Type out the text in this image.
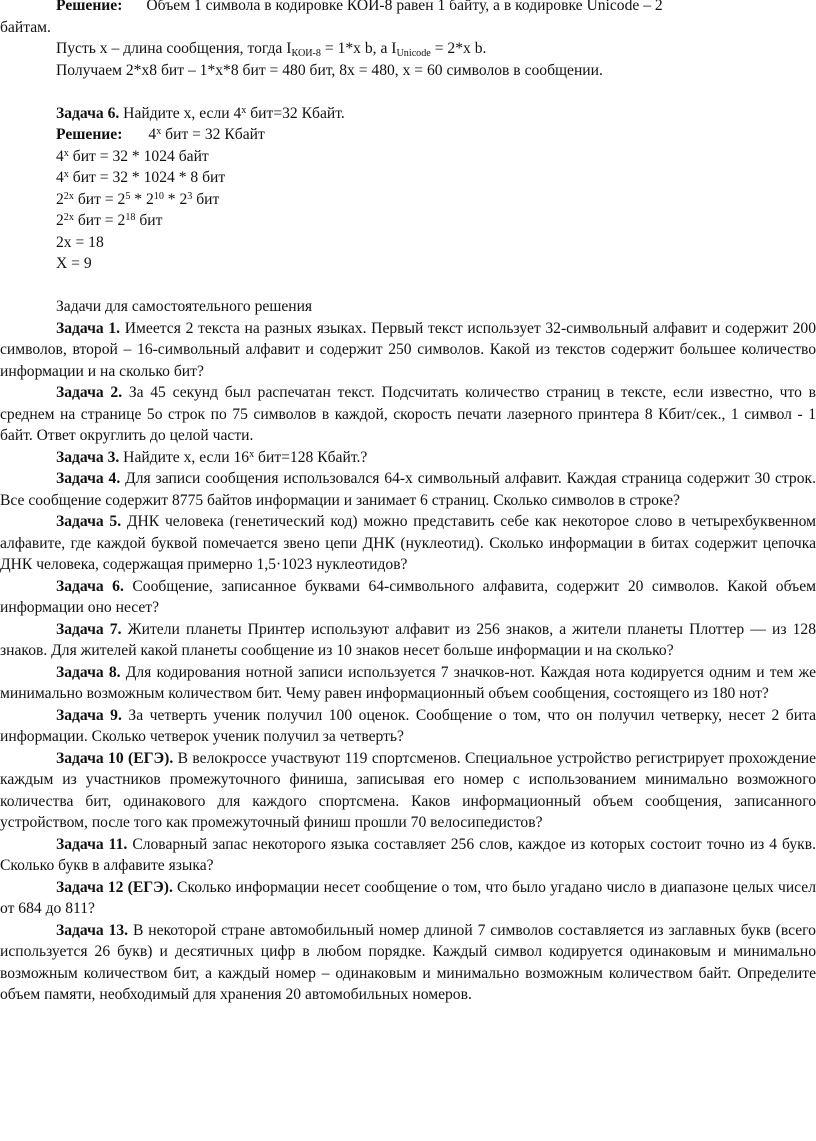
Решение: Объем 1 символа в кодировке КОИ-8 равен 1 байту, а в кодировке Unicode – 2

байтам.

Пусть x – длина сообщения, тогда $I_{КОИ-8} = 1*x$ b, а $I_{Unicode} = 2*x$ b.

Получаем 2*x8 бит – 1*x*8 бит = 480 бит, 8x = 480, x = 60 символов в сообщении.

Задача 6. Найдите х, если $4^х$ бит=32 Кбайт.

Решение: $4^х$ бит = 32 Кбайт

$4^х$ бит = 32 * 1024 байт

$4^х$ бит = 32 * 1024 * 8 бит

$2^{2х}$ бит = $2^5 * 2^{10} * 2^3$ бит

$2^{2х}$ бит = $2^{18}$ бит

2х = 18

Х = 9

Задачи для самостоятельного решения

Задача 1. Имеется 2 текста на разных языках. Первый текст использует 32-символьный алфавит и содержит 200 символов, второй – 16-символьный алфавит и содержит 250 символов. Какой из текстов содержит большее количество информации и на сколько бит?

Задача 2. За 45 секунд был распечатан текст. Подсчитать количество страниц в тексте, если известно, что в среднем на странице 5о строк по 75 символов в каждой, скорость печати лазерного принтера 8 Кбит/сек., 1 символ - 1 байт. Ответ округлить до целой части.

Задача 3. Найдите х, если $16^х$ бит=128 Кбайт.?

Задача 4. Для записи сообщения использовался 64-х символьный алфавит. Каждая страница содержит 30 строк. Все сообщение содержит 8775 байтов информации и занимает 6 страниц. Сколько символов в строке?

Задача 5. ДНК человека (генетический код) можно представить себе как некоторое слово в четырехбуквенном алфавите, где каждой буквой помечается звено цепи ДНК (нуклеотид). Сколько информации в битах содержит цепочка ДНК человека, содержащая примерно 1,5·1023 нуклеотидов?

Задача 6. Сообщение, записанное буквами 64-символьного алфавита, содержит 20 символов. Какой объем информации оно несет?

Задача 7. Жители планеты Принтер используют алфавит из 256 знаков, а жители планеты Плоттер — из 128 знаков. Для жителей какой планеты сообщение из 10 знаков несет больше информации и на сколько?

Задача 8. Для кодирования нотной записи используется 7 значков-нот. Каждая нота кодируется одним и тем же минимально возможным количеством бит. Чему равен информационный объем сообщения, состоящего из 180 нот?

Задача 9. За четверть ученик получил 100 оценок. Сообщение о том, что он получил четверку, несет 2 бита информации. Сколько четверок ученик получил за четверть?

Задача 10 (ЕГЭ). В велокроссе участвуют 119 спортсменов. Специальное устройство регистрирует прохождение каждым из участников промежуточного финиша, записывая его номер с использованием минимально возможного количества бит, одинакового для каждого спортсмена. Каков информационный объем сообщения, записанного устройством, после того как промежуточный финиш прошли 70 велосипедистов?

Задача 11. Словарный запас некоторого языка составляет 256 слов, каждое из которых состоит точно из 4 букв. Сколько букв в алфавите языка?

Задача 12 (ЕГЭ). Сколько информации несет сообщение о том, что было угадано число в диапазоне целых чисел от 684 до 811?

Задача 13. В некоторой стране автомобильный номер длиной 7 символов составляется из заглавных букв (всего используется 26 букв) и десятичных цифр в любом порядке. Каждый символ кодируется одинаковым и минимально возможным количеством бит, а каждый номер – одинаковым и минимально возможным количеством байт. Определите объем памяти, необходимый для хранения 20 автомобильных номеров.
